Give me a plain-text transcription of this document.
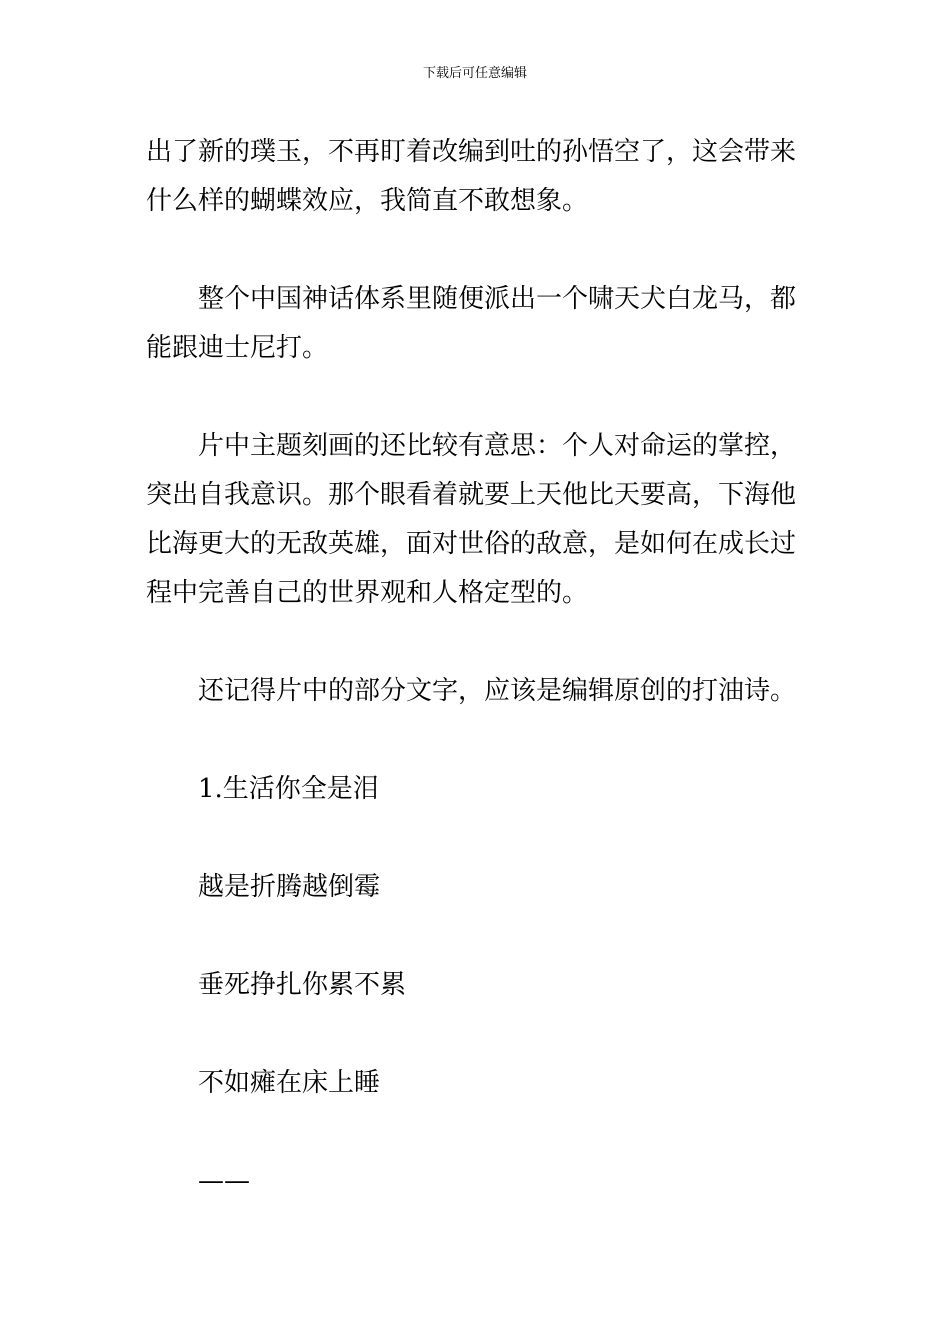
下载后可任意编辑
出了新的璞玉，不再盯着改编到吐的孙悟空了，这会带来
什么样的蝴蝶效应，我简直不敢想象。
整个中国神话体系里随便派出一个啸天犬白龙马，都
能跟迪士尼打。
片中主题刻画的还比较有意思：个人对命运的掌控，
突出自我意识。那个眼看着就要上天他比天要高，下海他
比海更大的无敌英雄，面对世俗的敌意，是如何在成长过
程中完善自己的世界观和人格定型的。
还记得片中的部分文字，应该是编辑原创的打油诗。
1.生活你全是泪
越是折腾越倒霉
垂死挣扎你累不累
不如瘫在床上睡
——
